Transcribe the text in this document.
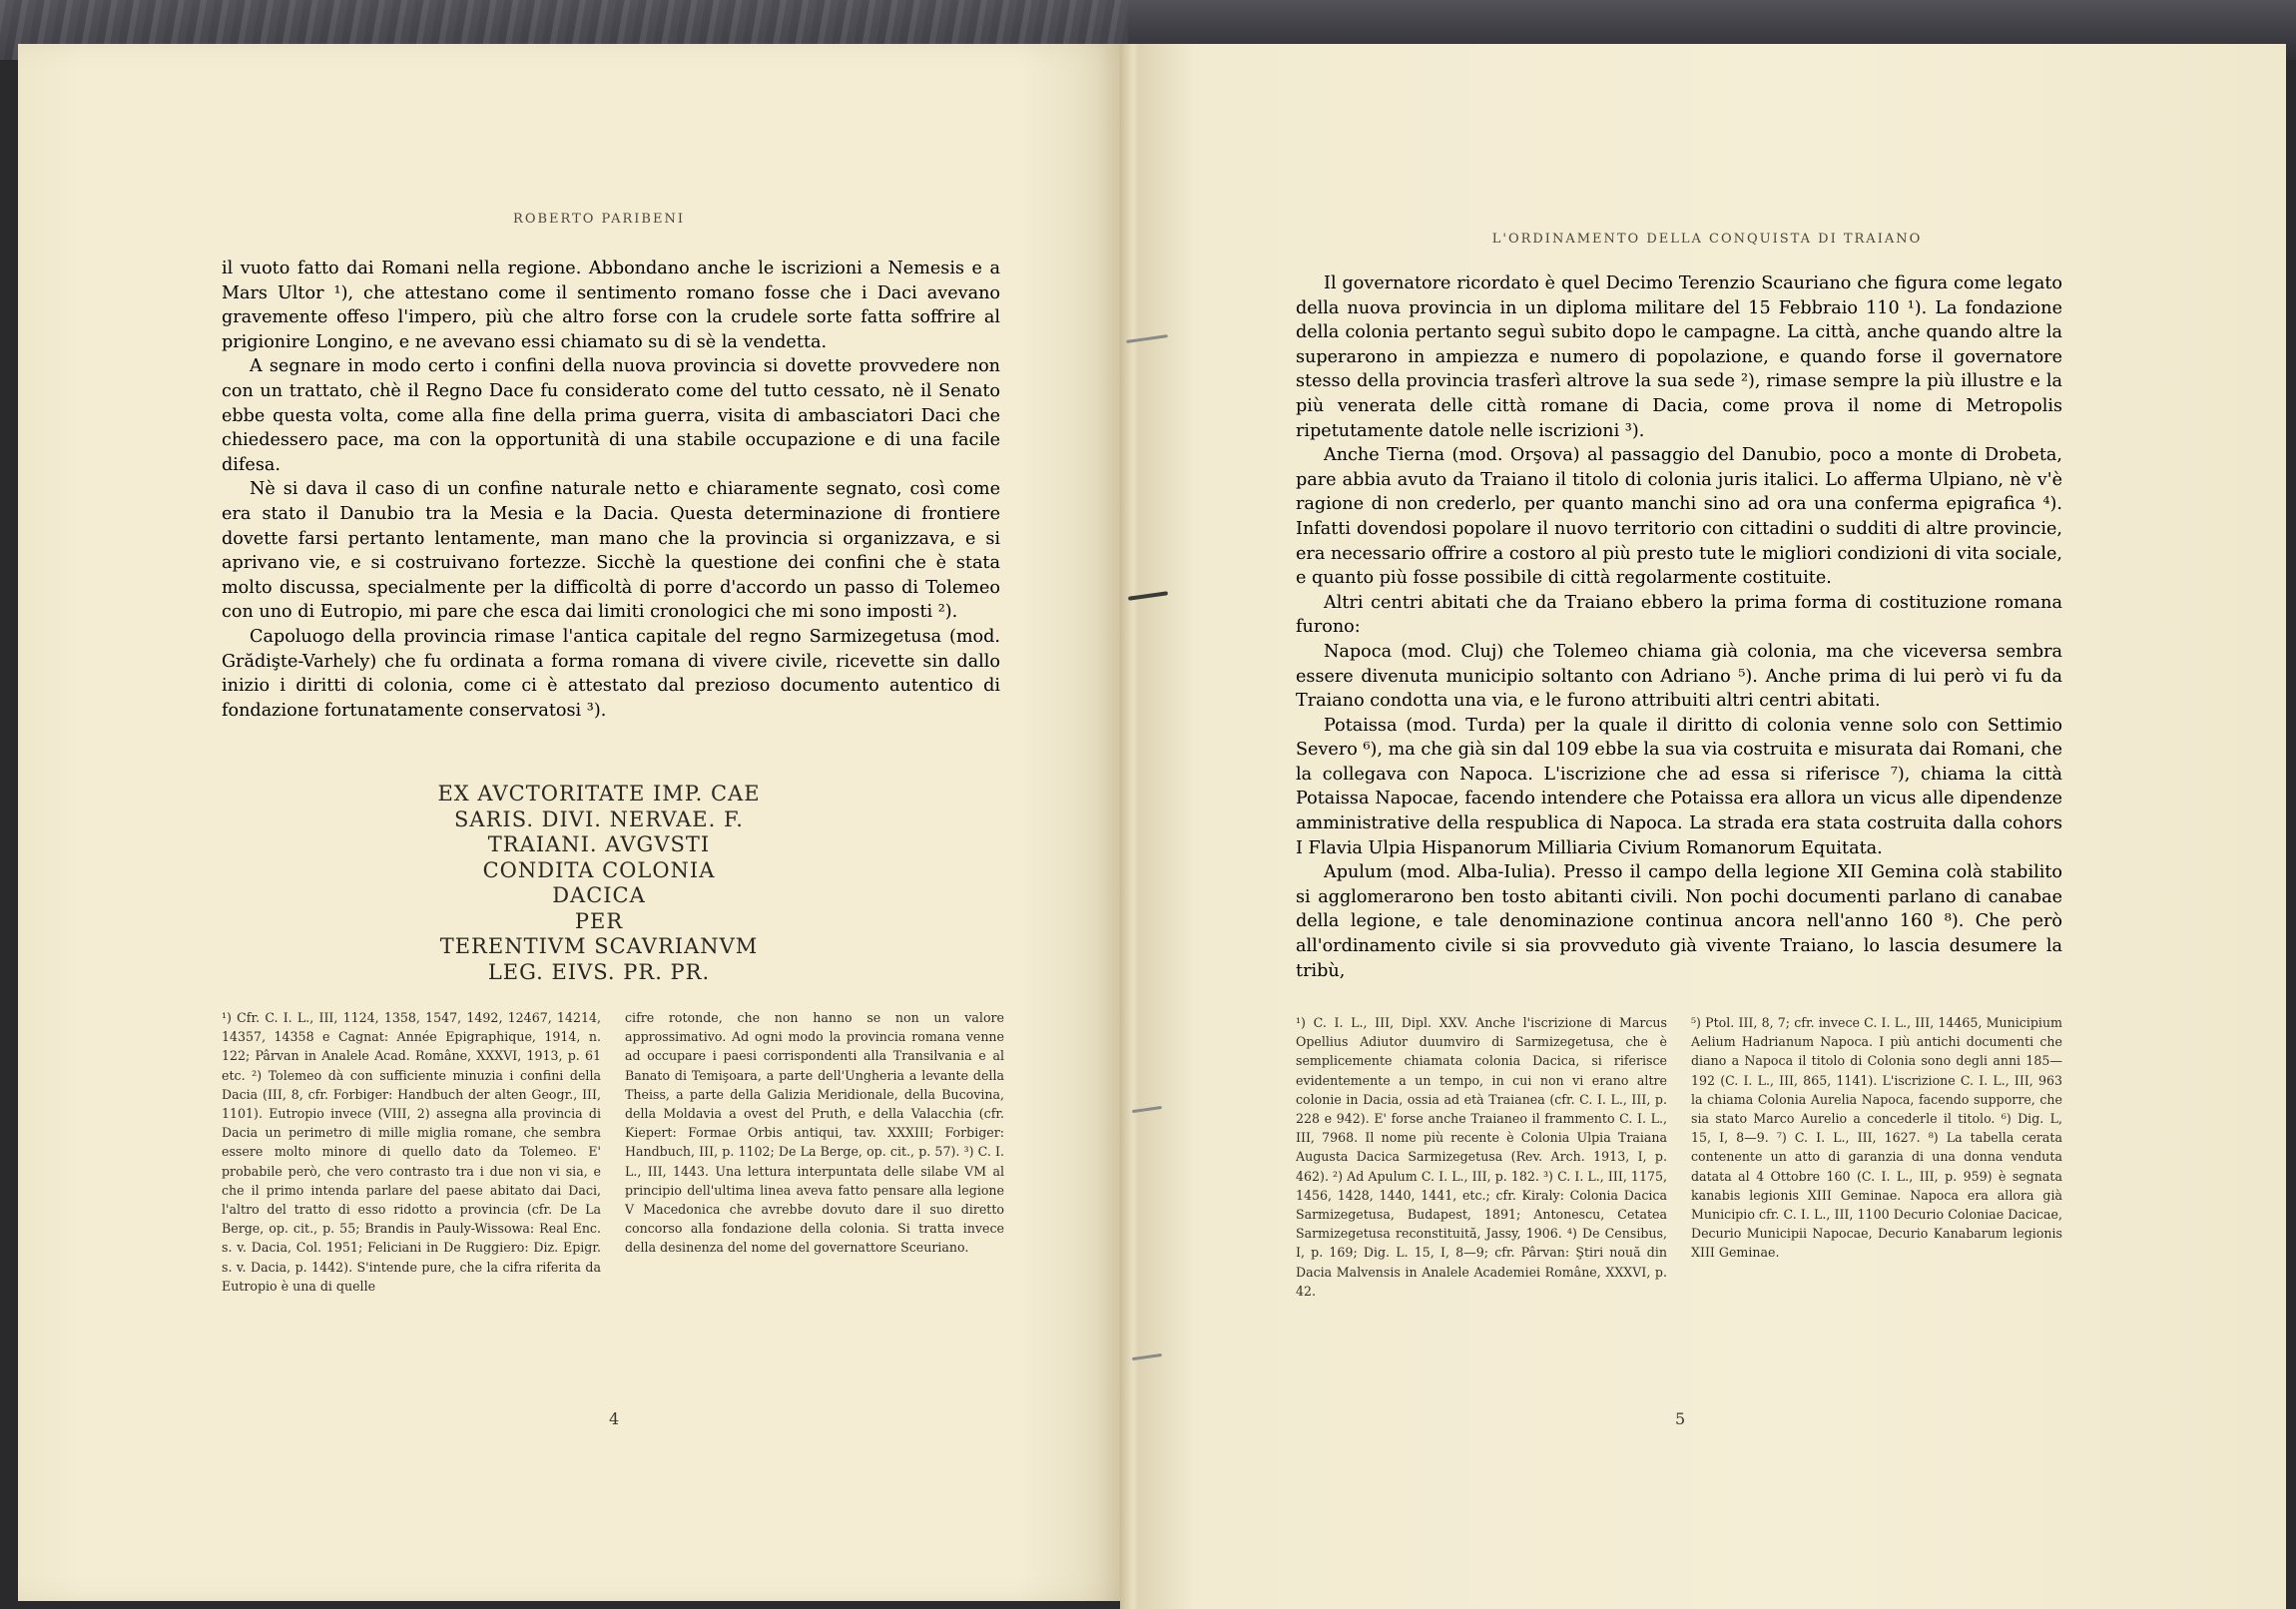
ROBERTO PARIBENI

il vuoto fatto dai Romani nella regione. Abbondano anche le iscrizioni a Nemesis e a Mars Ultor ¹), che attestano come il sentimento romano fosse che i Daci avevano gravemente offeso l'impero, più che altro forse con la crudele sorte fatta soffrire al prigionire Longino, e ne avevano essi chiamato su di sè la vendetta.

A segnare in modo certo i confini della nuova provincia si dovette provvedere non con un trattato, chè il Regno Dace fu considerato come del tutto cessato, nè il Senato ebbe questa volta, come alla fine della prima guerra, visita di ambasciatori Daci che chiedessero pace, ma con la opportunità di una stabile occupazione e di una facile difesa.

Nè si dava il caso di un confine naturale netto e chiaramente segnato, così come era stato il Danubio tra la Mesia e la Dacia. Questa determinazione di frontiere dovette farsi pertanto lentamente, man mano che la provincia si organizzava, e si aprivano vie, e si costruivano fortezze. Sicchè la questione dei confini che è stata molto discussa, specialmente per la difficoltà di porre d'accordo un passo di Tolemeo con uno di Eutropio, mi pare che esca dai limiti cronologici che mi sono imposti ²).

Capoluogo della provincia rimase l'antica capitale del regno Sarmizegetusa (mod. Grădişte-Varhely) che fu ordinata a forma romana di vivere civile, ricevette sin dallo inizio i diritti di colonia, come ci è attestato dal prezioso documento autentico di fondazione fortunatamente conservatosi ³).

EX AVCTORITATE IMP. CAE
SARIS. DIVI. NERVAE. F.
TRAIANI. AVGVSTI
CONDITA COLONIA
DACICA
PER
TERENTIVM SCAVRIANVM
LEG. EIVS. PR. PR.

¹) Cfr. C. I. L., III, 1124, 1358, 1547, 1492, 12467, 14214, 14357, 14358 e Cagnat: Année Epigraphique, 1914, n. 122; Pârvan in Analele Acad. Române, XXXVI, 1913, p. 61 etc. ²) Tolemeo dà con sufficiente minuzia i confini della Dacia (III, 8, cfr. Forbiger: Handbuch der alten Geogr., III, 1101). Eutropio invece (VIII, 2) assegna alla provincia di Dacia un perimetro di mille miglia romane, che sembra essere molto minore di quello dato da Tolemeo. E' probabile però, che vero contrasto tra i due non vi sia, e che il primo intenda parlare del paese abitato dai Daci, l'altro del tratto di esso ridotto a provincia (cfr. De La Berge, op. cit., p. 55; Brandis in Pauly-Wissowa: Real Enc. s. v. Dacia, Col. 1951; Feliciani in De Ruggiero: Diz. Epigr. s. v. Dacia, p. 1442). S'intende pure, che la cifra riferita da Eutropio è una di quelle

cifre rotonde, che non hanno se non un valore approssimativo. Ad ogni modo la provincia romana venne ad occupare i paesi corrispondenti alla Transilvania e al Banato di Temişoara, a parte dell'Ungheria a levante della Theiss, a parte della Galizia Meridionale, della Bucovina, della Moldavia a ovest del Pruth, e della Valacchia (cfr. Kiepert: Formae Orbis antiqui, tav. XXXIII; Forbiger: Handbuch, III, p. 1102; De La Berge, op. cit., p. 57). ³) C. I. L., III, 1443. Una lettura interpuntata delle silabe VM al principio dell'ultima linea aveva fatto pensare alla legione V Macedonica che avrebbe dovuto dare il suo diretto concorso alla fondazione della colonia. Si tratta invece della desinenza del nome del governattore Sceuriano.

4
L'ORDINAMENTO DELLA CONQUISTA DI TRAIANO

Il governatore ricordato è quel Decimo Terenzio Scauriano che figura come legato della nuova provincia in un diploma militare del 15 Febbraio 110 ¹). La fondazione della colonia pertanto seguì subito dopo le campagne. La città, anche quando altre la superarono in ampiezza e numero di popolazione, e quando forse il governatore stesso della provincia trasferì altrove la sua sede ²), rimase sempre la più illustre e la più venerata delle città romane di Dacia, come prova il nome di Metropolis ripetutamente datole nelle iscrizioni ³).

Anche Tierna (mod. Orşova) al passaggio del Danubio, poco a monte di Drobeta, pare abbia avuto da Traiano il titolo di colonia juris italici. Lo afferma Ulpiano, nè v'è ragione di non crederlo, per quanto manchi sino ad ora una conferma epigrafica ⁴). Infatti dovendosi popolare il nuovo territorio con cittadini o sudditi di altre provincie, era necessario offrire a costoro al più presto tute le migliori condizioni di vita sociale, e quanto più fosse possibile di città regolarmente costituite.

Altri centri abitati che da Traiano ebbero la prima forma di costituzione romana furono:

Napoca (mod. Cluj) che Tolemeo chiama già colonia, ma che viceversa sembra essere divenuta municipio soltanto con Adriano ⁵). Anche prima di lui però vi fu da Traiano condotta una via, e le furono attribuiti altri centri abitati.

Potaissa (mod. Turda) per la quale il diritto di colonia venne solo con Settimio Severo ⁶), ma che già sin dal 109 ebbe la sua via costruita e misurata dai Romani, che la collegava con Napoca. L'iscrizione che ad essa si riferisce ⁷), chiama la città Potaissa Napocae, facendo intendere che Potaissa era allora un vicus alle dipendenze amministrative della respublica di Napoca. La strada era stata costruita dalla cohors I Flavia Ulpia Hispanorum Milliaria Civium Romanorum Equitata.

Apulum (mod. Alba-Iulia). Presso il campo della legione XII Gemina colà stabilito si agglomerarono ben tosto abitanti civili. Non pochi documenti parlano di canabae della legione, e tale denominazione continua ancora nell'anno 160 ⁸). Che però all'ordinamento civile si sia provveduto già vivente Traiano, lo lascia desumere la tribù,

¹) C. I. L., III, Dipl. XXV. Anche l'iscrizione di Marcus Opellius Adiutor duumviro di Sarmizegetusa, che è semplicemente chiamata colonia Dacica, si riferisce evidentemente a un tempo, in cui non vi erano altre colonie in Dacia, ossia ad età Traianea (cfr. C. I. L., III, p. 228 e 942). E' forse anche Traianeo il frammento C. I. L., III, 7968. Il nome più recente è Colonia Ulpia Traiana Augusta Dacica Sarmizegetusa (Rev. Arch. 1913, I, p. 462). ²) Ad Apulum C. I. L., III, p. 182. ³) C. I. L., III, 1175, 1456, 1428, 1440, 1441, etc.; cfr. Kiraly: Colonia Dacica Sarmizegetusa, Budapest, 1891; Antonescu, Cetatea Sarmizegetusa reconstituită, Jassy, 1906. ⁴) De Censibus, I, p. 169; Dig. L. 15, I, 8—9; cfr. Pârvan: Ştiri nouă din Dacia Malvensis in Analele Academiei Române, XXXVI, p. 42.

⁵) Ptol. III, 8, 7; cfr. invece C. I. L., III, 14465, Municipium Aelium Hadrianum Napoca. I più antichi documenti che diano a Napoca il titolo di Colonia sono degli anni 185—192 (C. I. L., III, 865, 1141). L'iscrizione C. I. L., III, 963 la chiama Colonia Aurelia Napoca, facendo supporre, che sia stato Marco Aurelio a concederle il titolo. ⁶) Dig. L, 15, I, 8—9. ⁷) C. I. L., III, 1627. ⁸) La tabella cerata contenente un atto di garanzia di una donna venduta datata al 4 Ottobre 160 (C. I. L., III, p. 959) è segnata kanabis legionis XIII Geminae. Napoca era allora già Municipio cfr. C. I. L., III, 1100 Decurio Coloniae Dacicae, Decurio Municipii Napocae, Decurio Kanabarum legionis XIII Geminae.

5
